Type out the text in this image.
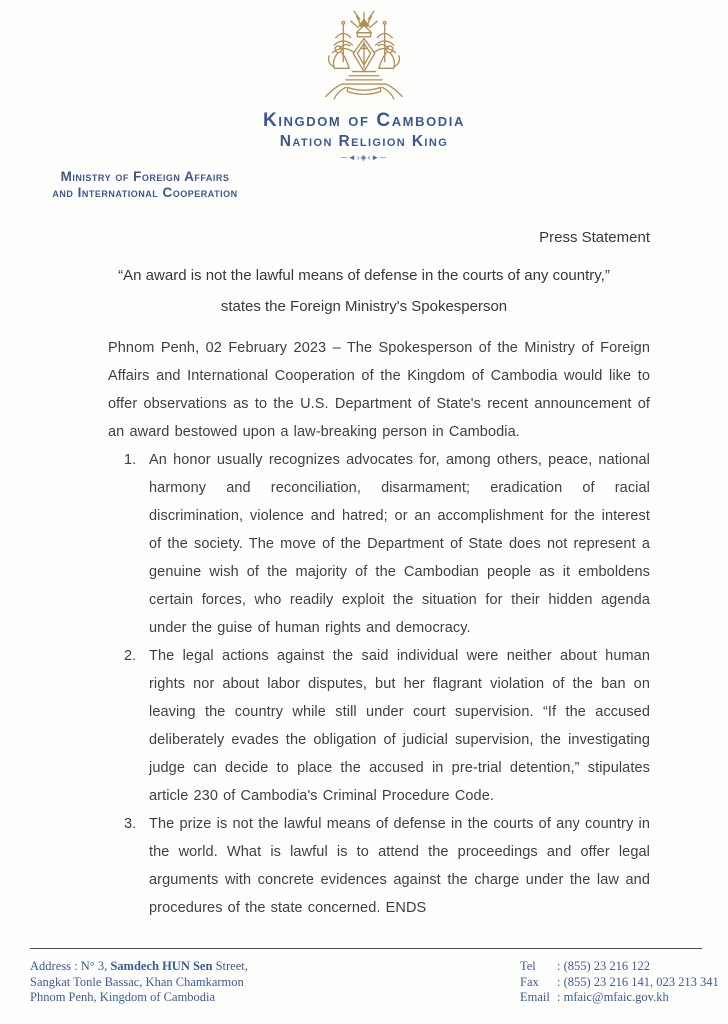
Kingdom of Cambodia
Nation Religion King
─◄›◈‹►─
Ministry of Foreign Affairs
and International Cooperation
Press Statement
“An award is not the lawful means of defense in the courts of any country,”
states the Foreign Ministry's Spokesperson

Phnom Penh, 02 February 2023 – The Spokesperson of the Ministry of Foreign Affairs and International Cooperation of the Kingdom of Cambodia would like to offer observations as to the U.S. Department of State's recent announcement of an award bestowed upon a law-breaking person in Cambodia.

1. An honor usually recognizes advocates for, among others, peace, national harmony and reconciliation, disarmament; eradication of racial discrimination, violence and hatred; or an accomplishment for the interest of the society. The move of the Department of State does not represent a genuine wish of the majority of the Cambodian people as it emboldens certain forces, who readily exploit the situation for their hidden agenda under the guise of human rights and democracy.
2. The legal actions against the said individual were neither about human rights nor about labor disputes, but her flagrant violation of the ban on leaving the country while still under court supervision. “If the accused deliberately evades the obligation of judicial supervision, the investigating judge can decide to place the accused in pre-trial detention,” stipulates article 230 of Cambodia's Criminal Procedure Code.
3. The prize is not the lawful means of defense in the courts of any country in the world. What is lawful is to attend the proceedings and offer legal arguments with concrete evidences against the charge under the law and procedures of the state concerned. ENDS
Address : N° 3, Samdech HUN Sen Street,
Sangkat Tonle Bassac, Khan Chamkarmon
Phnom Penh, Kingdom of Cambodia
Tel	: (855) 23 216 122
Fax	: (855) 23 216 141, 023 213 341
Email : mfaic@mfaic.gov.kh
